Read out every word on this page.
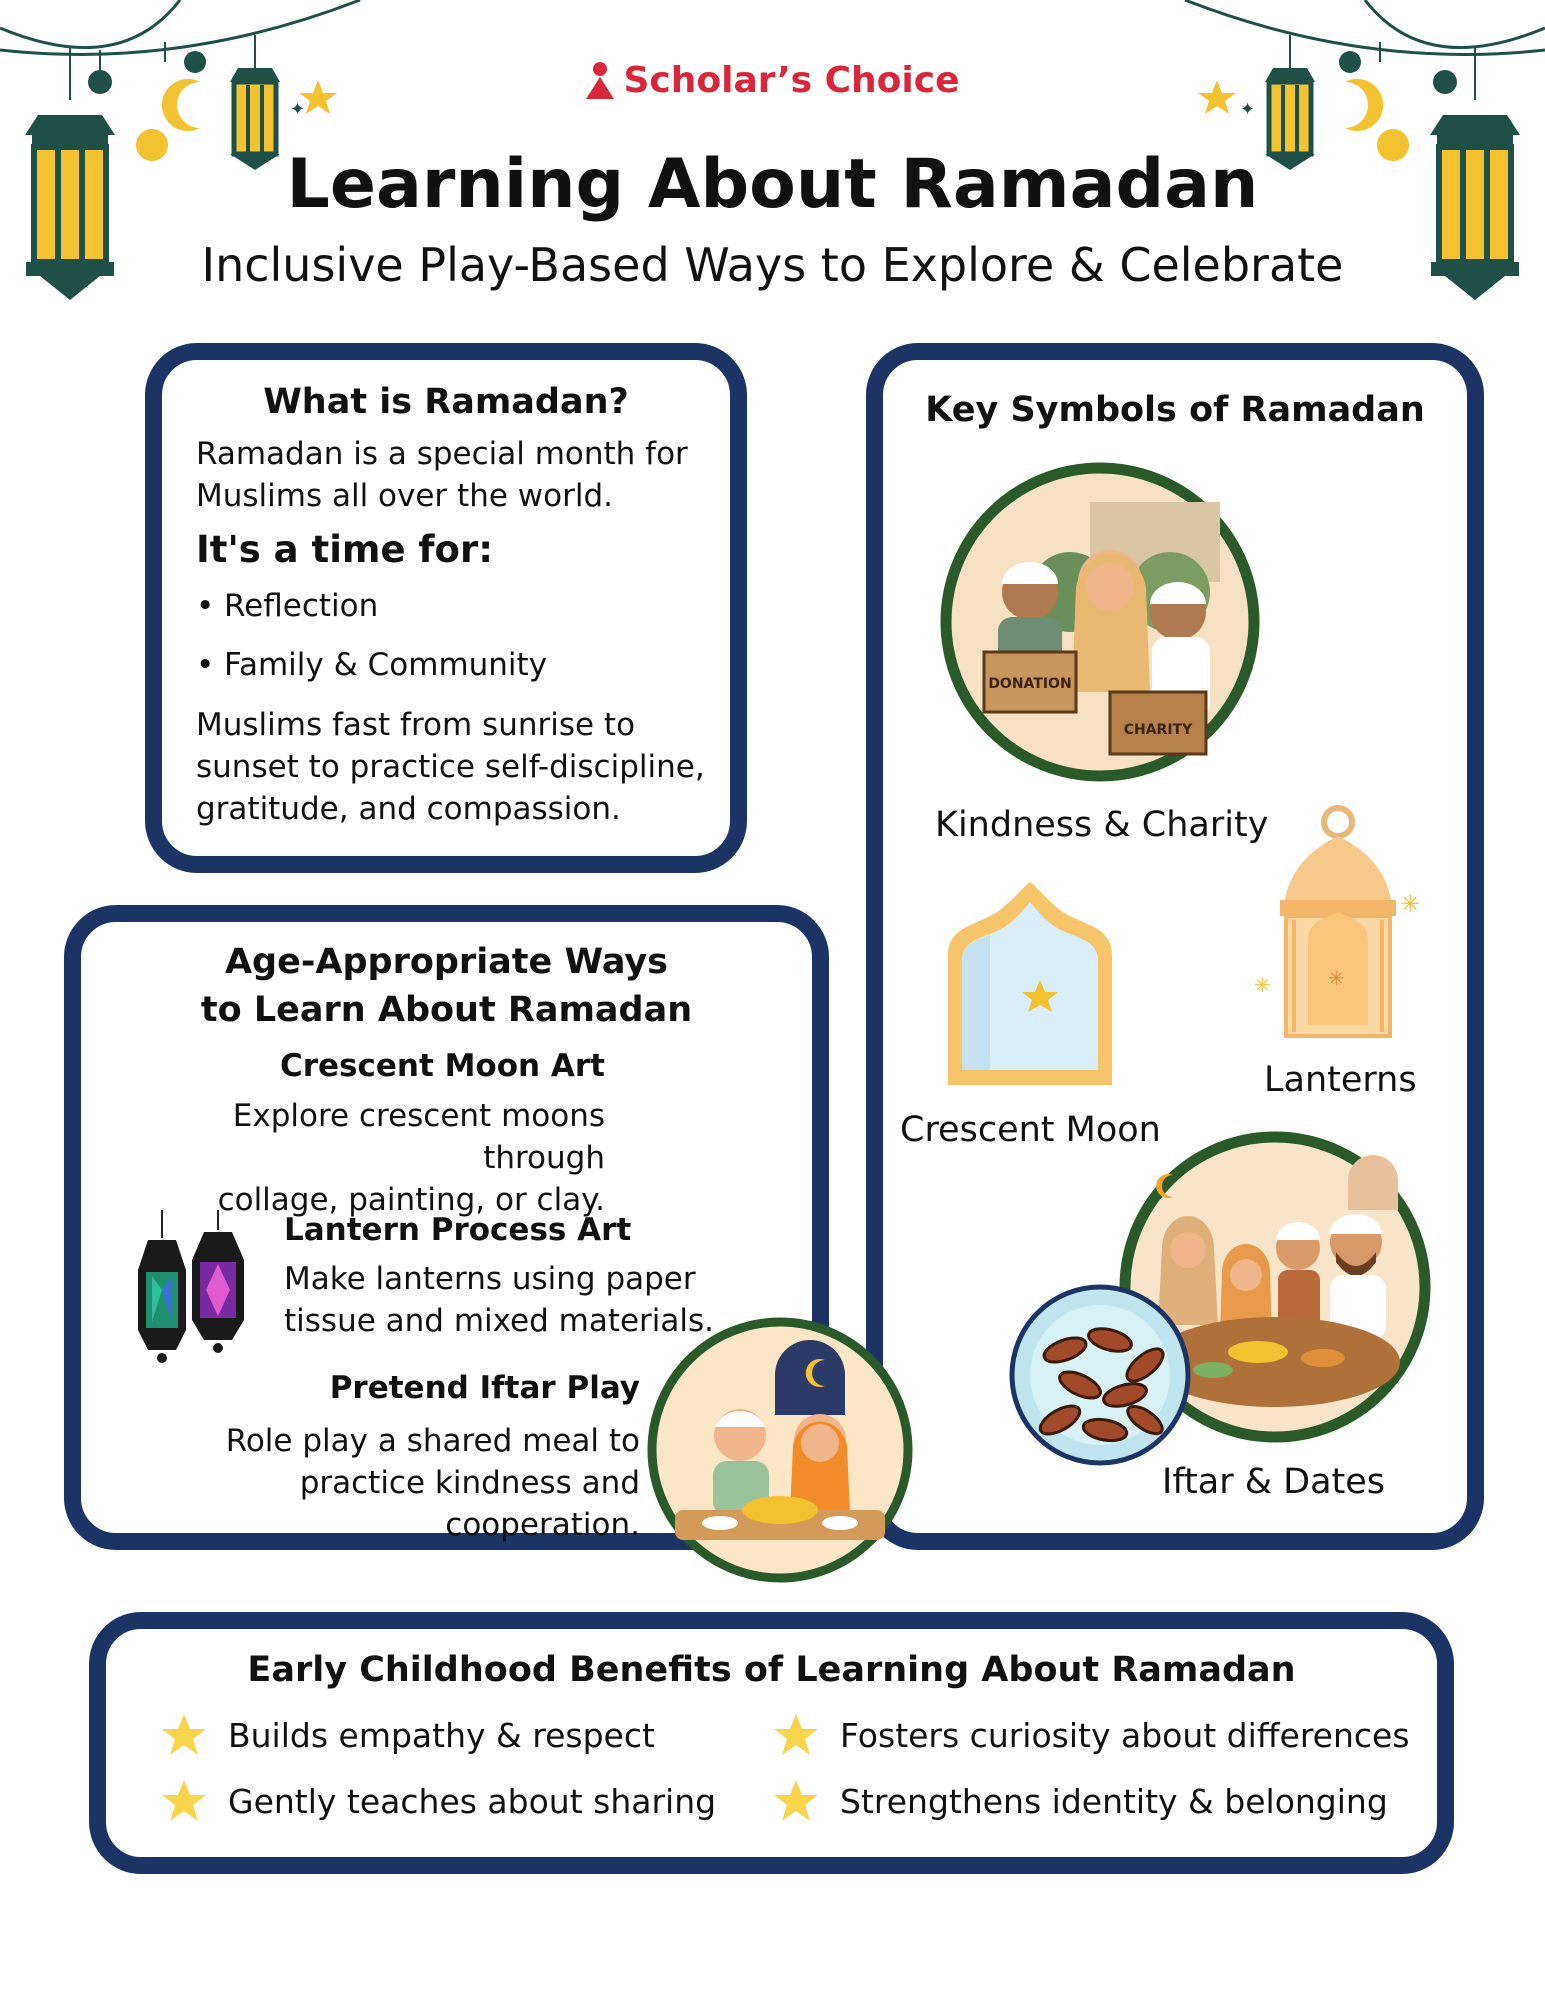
✦	✦
Scholar’s Choice
Learning About Ramadan
Inclusive Play-Based Ways to Explore & Celebrate
What is Ramadan?
Ramadan is a special month for Muslims all over the world.
It's a time for:
• Reflection
• Family & Community
Muslims fast from sunrise to sunset to practice self-discipline, gratitude, and compassion.
Age-Appropriate Ways
to Learn About Ramadan
Crescent Moon Art
Explore crescent moons through
collage, painting, or clay.
Lantern Process Art
Make lanterns using paper
tissue and mixed materials.
Pretend Iftar Play
Role play a shared meal to
practice kindness and cooperation.
Key Symbols of Ramadan
DONATION
CHARITY
Kindness & Charity
Crescent Moon
✳
✳	✳
Lanterns
Iftar & Dates
Early Childhood Benefits of Learning About Ramadan
Builds empathy & respect
Gently teaches about sharing
Fosters curiosity about differences
Strengthens identity & belonging
